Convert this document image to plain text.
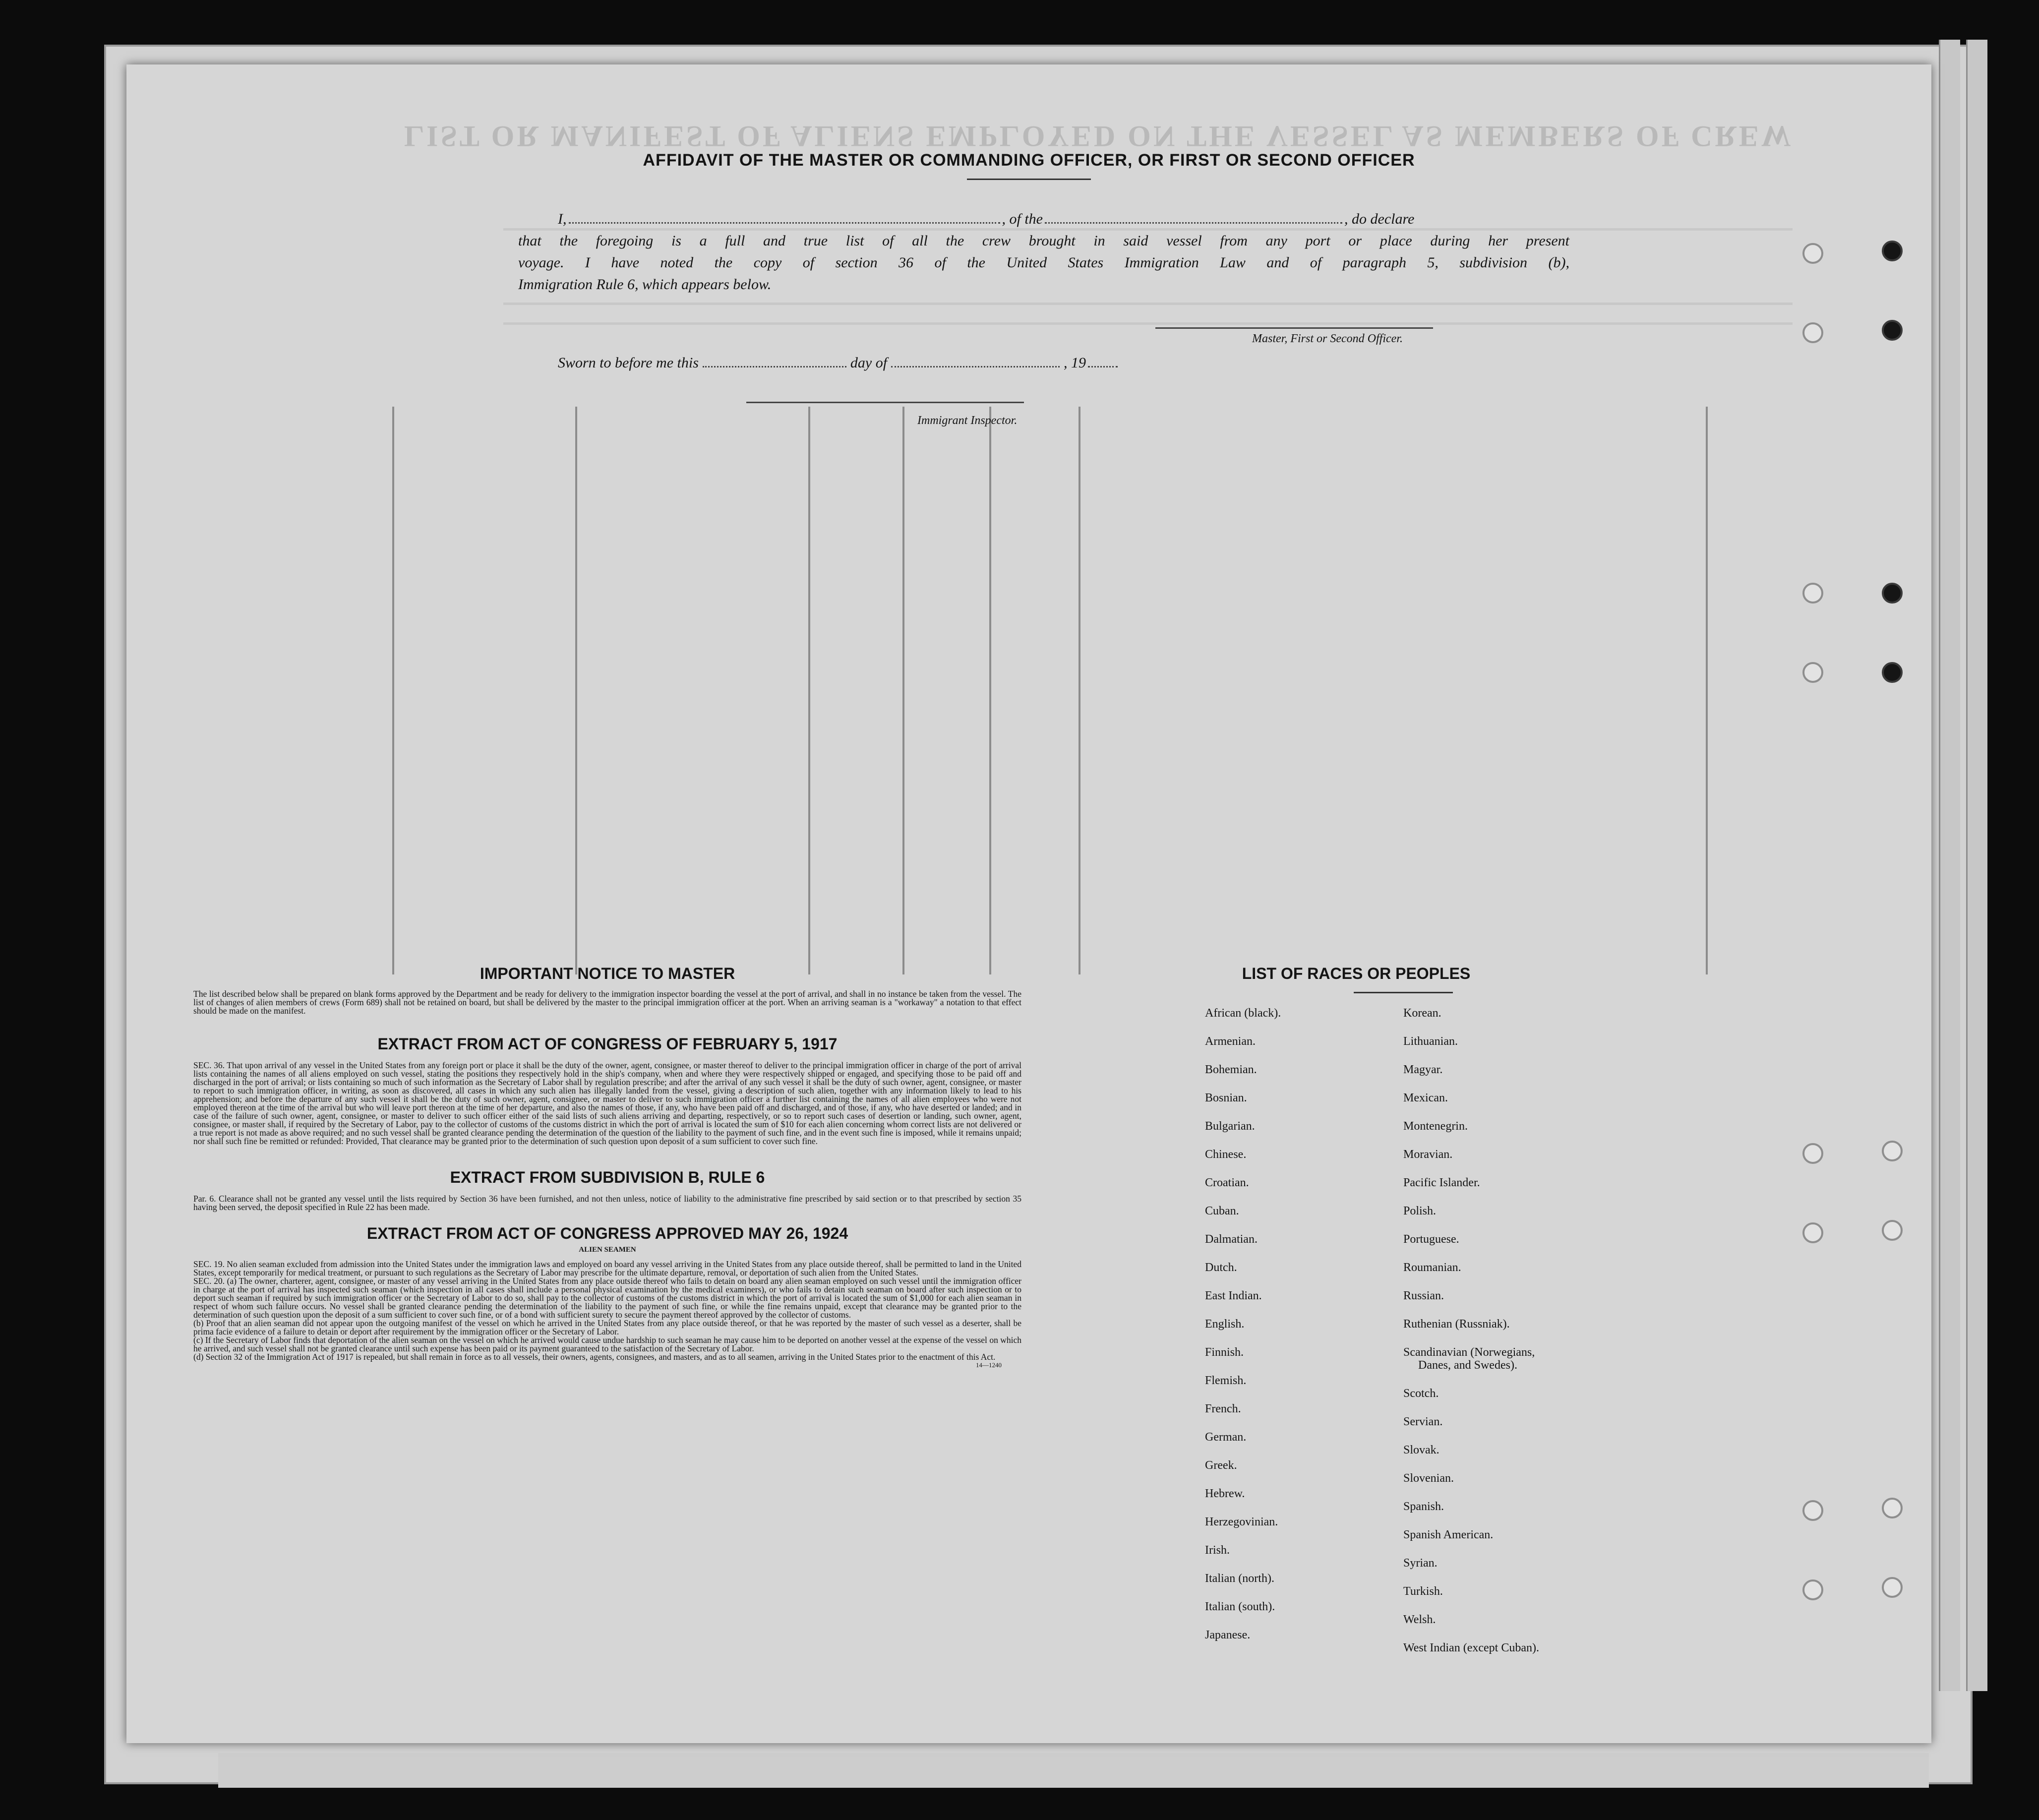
LIST OR MANIFEST OF ALIENS EMPLOYED ON THE VESSEL AS MEMBERS OF CREW
AFFIDAVIT OF THE MASTER OR COMMANDING OFFICER, OR FIRST OR SECOND OFFICER
I,	, of the	, do declare
that the foregoing is a full and true list of all the crew brought in said vessel from any port or place during her present
voyage. I have noted the copy of section 36 of the United States Immigration Law and of paragraph 5, subdivision (b),
Immigration Rule 6, which appears below.
Master, First or Second Officer.
Sworn to before me this	day of	, 19
Immigrant Inspector.
IMPORTANT NOTICE TO MASTER

The list described below shall be prepared on blank forms approved by the Department and be ready for delivery to the immigration inspector boarding the vessel at the port of arrival, and shall in no instance be taken from the vessel. The list of changes of alien members of crews (Form 689) shall not be retained on board, but shall be delivered by the master to the principal immigration officer at the port. When an arriving seaman is a "workaway" a notation to that effect should be made on the manifest.

EXTRACT FROM ACT OF CONGRESS OF FEBRUARY 5, 1917

SEC. 36. That upon arrival of any vessel in the United States from any foreign port or place it shall be the duty of the owner, agent, consignee, or master thereof to deliver to the principal immigration officer in charge of the port of arrival lists containing the names of all aliens employed on such vessel, stating the positions they respectively hold in the ship's company, when and where they were respectively shipped or engaged, and specifying those to be paid off and discharged in the port of arrival; or lists containing so much of such information as the Secretary of Labor shall by regulation prescribe; and after the arrival of any such vessel it shall be the duty of such owner, agent, consignee, or master to report to such immigration officer, in writing, as soon as discovered, all cases in which any such alien has illegally landed from the vessel, giving a description of such alien, together with any information likely to lead to his apprehension; and before the departure of any such vessel it shall be the duty of such owner, agent, consignee, or master to deliver to such immigration officer a further list containing the names of all alien employees who were not employed thereon at the time of the arrival but who will leave port thereon at the time of her departure, and also the names of those, if any, who have been paid off and discharged, and of those, if any, who have deserted or landed; and in case of the failure of such owner, agent, consignee, or master to deliver to such officer either of the said lists of such aliens arriving and departing, respectively, or so to report such cases of desertion or landing, such owner, agent, consignee, or master shall, if required by the Secretary of Labor, pay to the collector of customs of the customs district in which the port of arrival is located the sum of $10 for each alien concerning whom correct lists are not delivered or a true report is not made as above required; and no such vessel shall be granted clearance pending the determination of the question of the liability to the payment of such fine, and in the event such fine is imposed, while it remains unpaid; nor shall such fine be remitted or refunded: Provided, That clearance may be granted prior to the determination of such question upon deposit of a sum sufficient to cover such fine.

EXTRACT FROM SUBDIVISION B, RULE 6

Par. 6. Clearance shall not be granted any vessel until the lists required by Section 36 have been furnished, and not then unless, notice of liability to the administrative fine prescribed by said section or to that prescribed by section 35 having been served, the deposit specified in Rule 22 has been made.

EXTRACT FROM ACT OF CONGRESS APPROVED MAY 26, 1924
ALIEN SEAMEN

SEC. 19. No alien seaman excluded from admission into the United States under the immigration laws and employed on board any vessel arriving in the United States from any place outside thereof, shall be permitted to land in the United States, except temporarily for medical treatment, or pursuant to such regulations as the Secretary of Labor may prescribe for the ultimate departure, removal, or deportation of such alien from the United States.

SEC. 20. (a) The owner, charterer, agent, consignee, or master of any vessel arriving in the United States from any place outside thereof who fails to detain on board any alien seaman employed on such vessel until the immigration officer in charge at the port of arrival has inspected such seaman (which inspection in all cases shall include a personal physical examination by the medical examiners), or who fails to detain such seaman on board after such inspection or to deport such seaman if required by such immigration officer or the Secretary of Labor to do so, shall pay to the collector of customs of the customs district in which the port of arrival is located the sum of $1,000 for each alien seaman in respect of whom such failure occurs. No vessel shall be granted clearance pending the determination of the liability to the payment of such fine, or while the fine remains unpaid, except that clearance may be granted prior to the determination of such question upon the deposit of a sum sufficient to cover such fine, or of a bond with sufficient surety to secure the payment thereof approved by the collector of customs.

(b) Proof that an alien seaman did not appear upon the outgoing manifest of the vessel on which he arrived in the United States from any place outside thereof, or that he was reported by the master of such vessel as a deserter, shall be prima facie evidence of a failure to detain or deport after requirement by the immigration officer or the Secretary of Labor.

(c) If the Secretary of Labor finds that deportation of the alien seaman on the vessel on which he arrived would cause undue hardship to such seaman he may cause him to be deported on another vessel at the expense of the vessel on which he arrived, and such vessel shall not be granted clearance until such expense has been paid or its payment guaranteed to the satisfaction of the Secretary of Labor.

(d) Section 32 of the Immigration Act of 1917 is repealed, but shall remain in force as to all vessels, their owners, agents, consignees, and masters, and as to all seamen, arriving in the United States prior to the enactment of this Act.

14—1240
LIST OF RACES OR PEOPLES
African (black).
Armenian.
Bohemian.
Bosnian.
Bulgarian.
Chinese.
Croatian.
Cuban.
Dalmatian.
Dutch.
East Indian.
English.
Finnish.
Flemish.
French.
German.
Greek.
Hebrew.
Herzegovinian.
Irish.
Italian (north).
Italian (south).
Japanese.
Korean.
Lithuanian.
Magyar.
Mexican.
Montenegrin.
Moravian.
Pacific Islander.
Polish.
Portuguese.
Roumanian.
Russian.
Ruthenian (Russniak).
Scandinavian (Norwegians,
Danes, and Swedes).
Scotch.
Servian.
Slovak.
Slovenian.
Spanish.
Spanish American.
Syrian.
Turkish.
Welsh.
West Indian (except Cuban).
